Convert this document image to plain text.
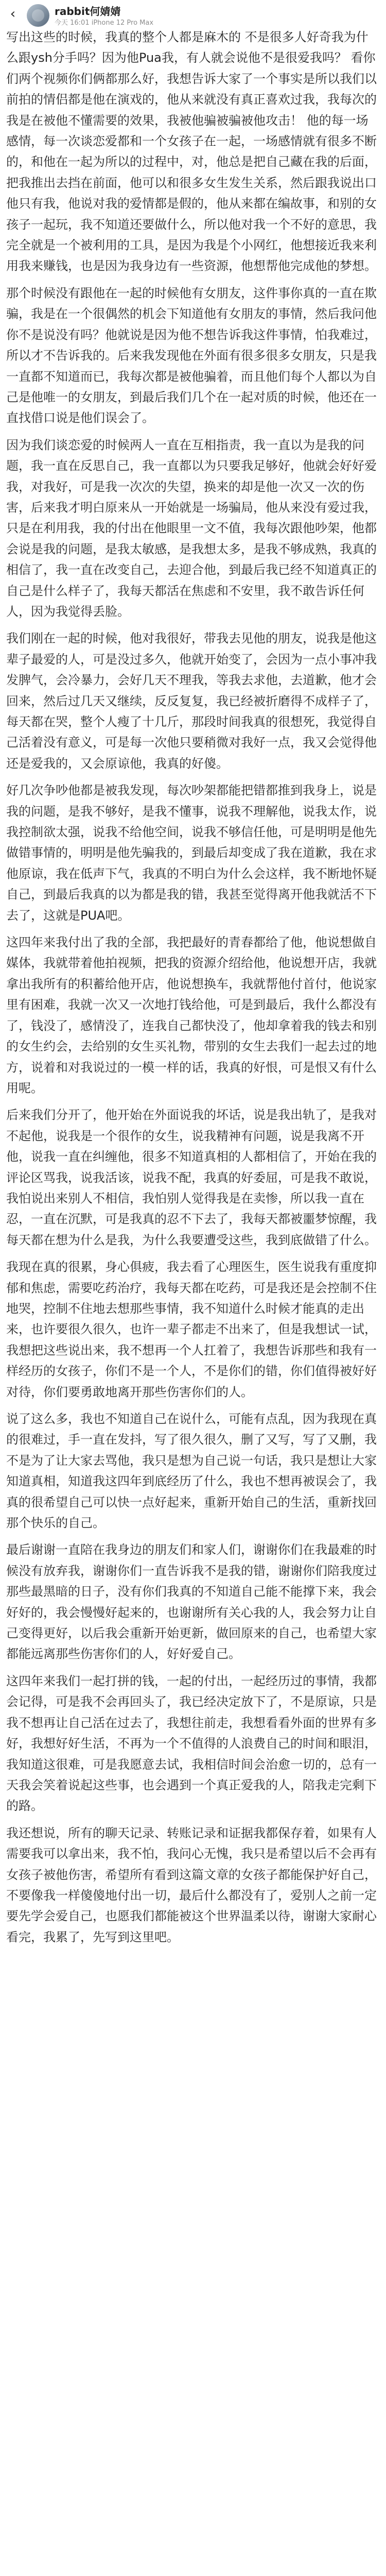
‹	rabbit何婧婧
今天 16:01 iPhone 12 Pro Max

写出这些的时候，我真的整个人都是麻木的 不是很多人好奇我为什么跟ysh分手吗？因为他Pua我，有人就会说他不是很爱我吗？ 看你们两个视频你们俩都那么好，我想告诉大家了一个事实是所以我们以前拍的情侣都是他在演戏的，他从来就没有真正喜欢过我，我每次的我是在被他不懂需要的效果，我被他骗被骗被他攻击！ 他的每一场感情，每一次谈恋爱都和一个女孩子在一起，一场感情就有很多不断的，和他在一起为所以的过程中，对，他总是把自己藏在我的后面，把我推出去挡在前面，他可以和很多女生发生关系，然后跟我说出口他只有我，他说对我的爱情都是假的，他从来都在编故事，和别的女孩子一起玩，我不知道还要做什么，所以他对我一个不好的意思，我完全就是一个被利用的工具，是因为我是个小网红，他想接近我来利用我来赚钱，也是因为我身边有一些资源，他想帮他完成他的梦想。

那个时候没有跟他在一起的时候他有女朋友，这件事你真的一直在欺骗，我是在一个很偶然的机会下知道他有女朋友的事情，然后我问他你不是说没有吗？他就说是因为他不想告诉我这件事情，怕我难过，所以才不告诉我的。后来我发现他在外面有很多很多女朋友，只是我一直都不知道而已，我每次都是被他骗着，而且他们每个人都以为自己是他唯一的女朋友，到最后我们几个在一起对质的时候，他还在一直找借口说是他们误会了。

因为我们谈恋爱的时候两人一直在互相指责，我一直以为是我的问题，我一直在反思自己，我一直都以为只要我足够好，他就会好好爱我，对我好，可是我一次次的失望，换来的却是他一次又一次的伤害，后来我才明白原来从一开始就是一场骗局，他从来没有爱过我，只是在利用我，我的付出在他眼里一文不值，我每次跟他吵架，他都会说是我的问题，是我太敏感，是我想太多，是我不够成熟，我真的相信了，我一直在改变自己，去迎合他，到最后我已经不知道真正的自己是什么样子了，我每天都活在焦虑和不安里，我不敢告诉任何人，因为我觉得丢脸。

我们刚在一起的时候，他对我很好，带我去见他的朋友，说我是他这辈子最爱的人，可是没过多久，他就开始变了，会因为一点小事冲我发脾气，会冷暴力，会好几天不理我，等我去求他，去道歉，他才会回来，然后过几天又继续，反反复复，我已经被折磨得不成样子了，每天都在哭，整个人瘦了十几斤，那段时间我真的很想死，我觉得自己活着没有意义，可是每一次他只要稍微对我好一点，我又会觉得他还是爱我的，又会原谅他，我真的好傻。

好几次争吵他都是被我发现，每次吵架都能把错都推到我身上，说是我的问题，是我不够好，是我不懂事，说我不理解他，说我太作，说我控制欲太强，说我不给他空间，说我不够信任他，可是明明是他先做错事情的，明明是他先骗我的，到最后却变成了我在道歉，我在求他原谅，我在低声下气，我真的不明白为什么会这样，我不断地怀疑自己，到最后我真的以为都是我的错，我甚至觉得离开他我就活不下去了，这就是PUA吧。

这四年来我付出了我的全部，我把最好的青春都给了他，他说想做自媒体，我就带着他拍视频，把我的资源介绍给他，他说想开店，我就拿出我所有的积蓄给他开店，他说想换车，我就帮他付首付，他说家里有困难，我就一次又一次地打钱给他，可是到最后，我什么都没有了，钱没了，感情没了，连我自己都快没了，他却拿着我的钱去和别的女生约会，去给别的女生买礼物，带别的女生去我们一起去过的地方，说着和对我说过的一模一样的话，我真的好恨，可是恨又有什么用呢。

后来我们分开了，他开始在外面说我的坏话，说是我出轨了，是我对不起他，说我是一个很作的女生，说我精神有问题，说是我离不开他，说我一直在纠缠他，很多不知道真相的人都相信了，开始在我的评论区骂我，说我活该，说我不配，我真的好委屈，可是我不敢说，我怕说出来别人不相信，我怕别人觉得我是在卖惨，所以我一直在忍，一直在沉默，可是我真的忍不下去了，我每天都被噩梦惊醒，我每天都在想为什么是我，为什么我要遭受这些，我到底做错了什么。

我现在真的很累，身心俱疲，我去看了心理医生，医生说我有重度抑郁和焦虑，需要吃药治疗，我每天都在吃药，可是我还是会控制不住地哭，控制不住地去想那些事情，我不知道什么时候才能真的走出来，也许要很久很久，也许一辈子都走不出来了，但是我想试一试，我想把这些说出来，我不想再一个人扛着了，我想告诉那些和我有一样经历的女孩子，你们不是一个人，不是你们的错，你们值得被好好对待，你们要勇敢地离开那些伤害你们的人。

说了这么多，我也不知道自己在说什么，可能有点乱，因为我现在真的很难过，手一直在发抖，写了很久很久，删了又写，写了又删，我不是为了让大家去骂他，我只是想为自己说一句话，我只是想让大家知道真相，知道我这四年到底经历了什么，我也不想再被误会了，我真的很希望自己可以快一点好起来，重新开始自己的生活，重新找回那个快乐的自己。

最后谢谢一直陪在我身边的朋友们和家人们，谢谢你们在我最难的时候没有放弃我，谢谢你们一直告诉我不是我的错，谢谢你们陪我度过那些最黑暗的日子，没有你们我真的不知道自己能不能撑下来，我会好好的，我会慢慢好起来的，也谢谢所有关心我的人，我会努力让自己变得更好，以后我会重新开始更新，做回原来的自己，也希望大家都能远离那些伤害你们的人，好好爱自己。

这四年来我们一起打拼的钱，一起的付出，一起经历过的事情，我都会记得，可是我不会再回头了，我已经决定放下了，不是原谅，只是我不想再让自己活在过去了，我想往前走，我想看看外面的世界有多好，我想好好生活，不再为一个不值得的人浪费自己的时间和眼泪，我知道这很难，可是我愿意去试，我相信时间会治愈一切的，总有一天我会笑着说起这些事，也会遇到一个真正爱我的人，陪我走完剩下的路。

我还想说，所有的聊天记录、转账记录和证据我都保存着，如果有人需要我可以拿出来，我不怕，我问心无愧，我只是希望以后不会再有女孩子被他伤害，希望所有看到这篇文章的女孩子都能保护好自己，不要像我一样傻傻地付出一切，最后什么都没有了，爱别人之前一定要先学会爱自己，也愿我们都能被这个世界温柔以待，谢谢大家耐心看完，我累了，先写到这里吧。
